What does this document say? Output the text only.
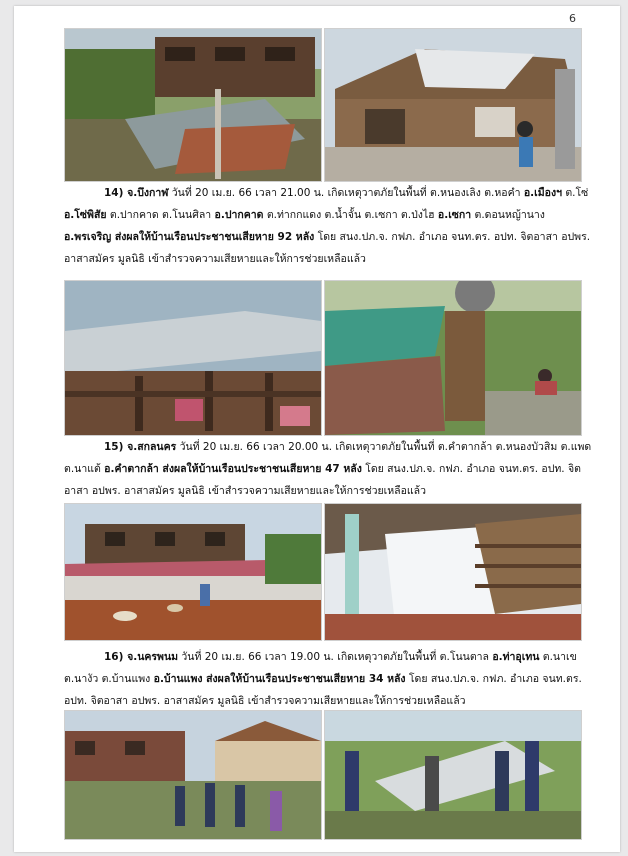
6
14) จ.บึงกาฬ วันที่ 20 เม.ย. 66 เวลา 21.00 น. เกิดเหตุวาตภัยในพื้นที่ ต.หนองเลิง ต.หอคำ อ.เมืองฯ ต.โซ่ อ.โซ่พิสัย ต.ปากคาด ต.โนนศิลา อ.ปากคาด ต.ท่ากกแดง ต.น้ำจั้น ต.เซกา ต.ป่งไฮ อ.เซกา ต.ดอนหญ้านาง อ.พรเจริญ ส่งผลให้บ้านเรือนประชาชนเสียหาย 92 หลัง โดย สนง.ปภ.จ. กฟภ. อำเภอ จนท.ตร. อปท. จิตอาสา อปพร. อาสาสมัคร มูลนิธิ เข้าสำรวจความเสียหายและให้การช่วยเหลือแล้ว
15) จ.สกลนคร วันที่ 20 เม.ย. 66 เวลา 20.00 น. เกิดเหตุวาตภัยในพื้นที่ ต.คำตากล้า ต.หนองบัวสิม ต.แพด ต.นาแต้ อ.คำตากล้า ส่งผลให้บ้านเรือนประชาชนเสียหาย 47 หลัง โดย สนง.ปภ.จ. กฟภ. อำเภอ จนท.ตร. อปท. จิตอาสา อปพร. อาสาสมัคร มูลนิธิ เข้าสำรวจความเสียหายและให้การช่วยเหลือแล้ว
16) จ.นครพนม วันที่ 20 เม.ย. 66 เวลา 19.00 น. เกิดเหตุวาตภัยในพื้นที่ ต.โนนตาล อ.ท่าอุเทน ต.นาเข ต.นางัว ต.บ้านแพง อ.บ้านแพง ส่งผลให้บ้านเรือนประชาชนเสียหาย 34 หลัง โดย สนง.ปภ.จ. กฟภ. อำเภอ จนท.ตร. อปท. จิตอาสา อปพร. อาสาสมัคร มูลนิธิ เข้าสำรวจความเสียหายและให้การช่วยเหลือแล้ว
